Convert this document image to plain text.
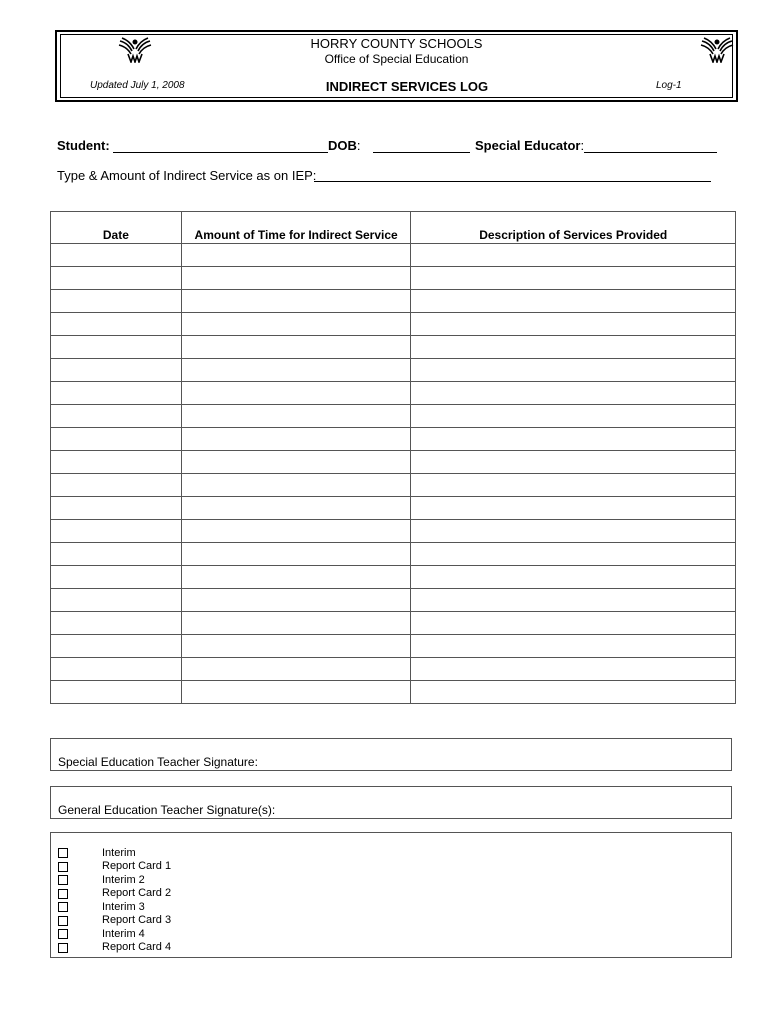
HORRY COUNTY SCHOOLS
Office of Special Education
INDIRECT SERVICES LOG
Updated July 1, 2008	Log-1
Student:	DOB:	Special Educator:
Type & Amount of Indirect Service as on IEP:
Date	Amount of Time for Indirect Service	Description of Services Provided

Special Education Teacher Signature:
General Education Teacher Signature(s):
Interim
Report Card 1
Interim 2
Report Card 2
Interim 3
Report Card 3
Interim 4
Report Card 4
